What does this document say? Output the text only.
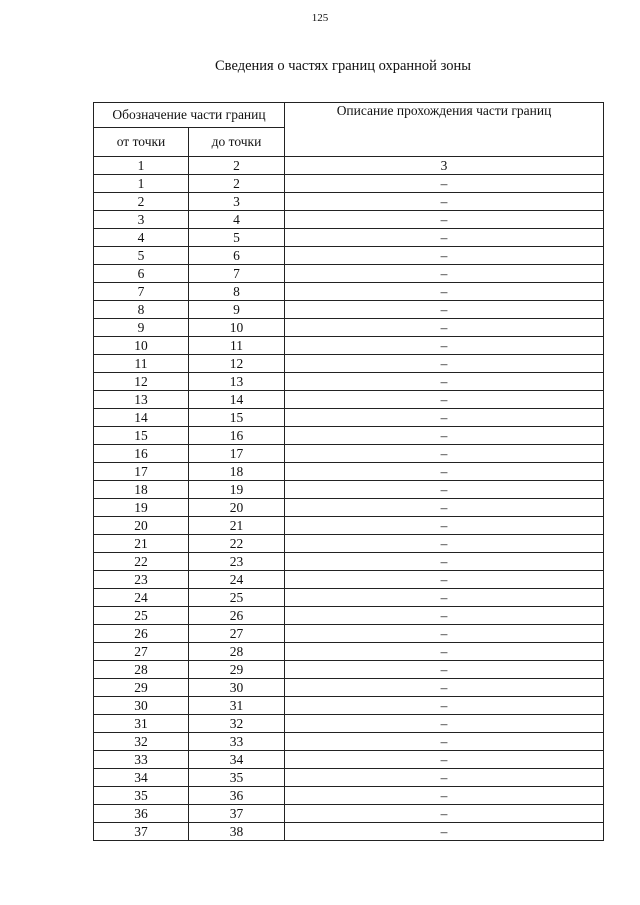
125
Сведения о частях границ охранной зоны
Обозначение части границ		Описание прохождения части границ
от точки	до точки	
1	2	3
1	2	–
2	3	–
3	4	–
4	5	–
5	6	–
6	7	–
7	8	–
8	9	–
9	10	–
10	11	–
11	12	–
12	13	–
13	14	–
14	15	–
15	16	–
16	17	–
17	18	–
18	19	–
19	20	–
20	21	–
21	22	–
22	23	–
23	24	–
24	25	–
25	26	–
26	27	–
27	28	–
28	29	–
29	30	–
30	31	–
31	32	–
32	33	–
33	34	–
34	35	–
35	36	–
36	37	–
37	38	–
